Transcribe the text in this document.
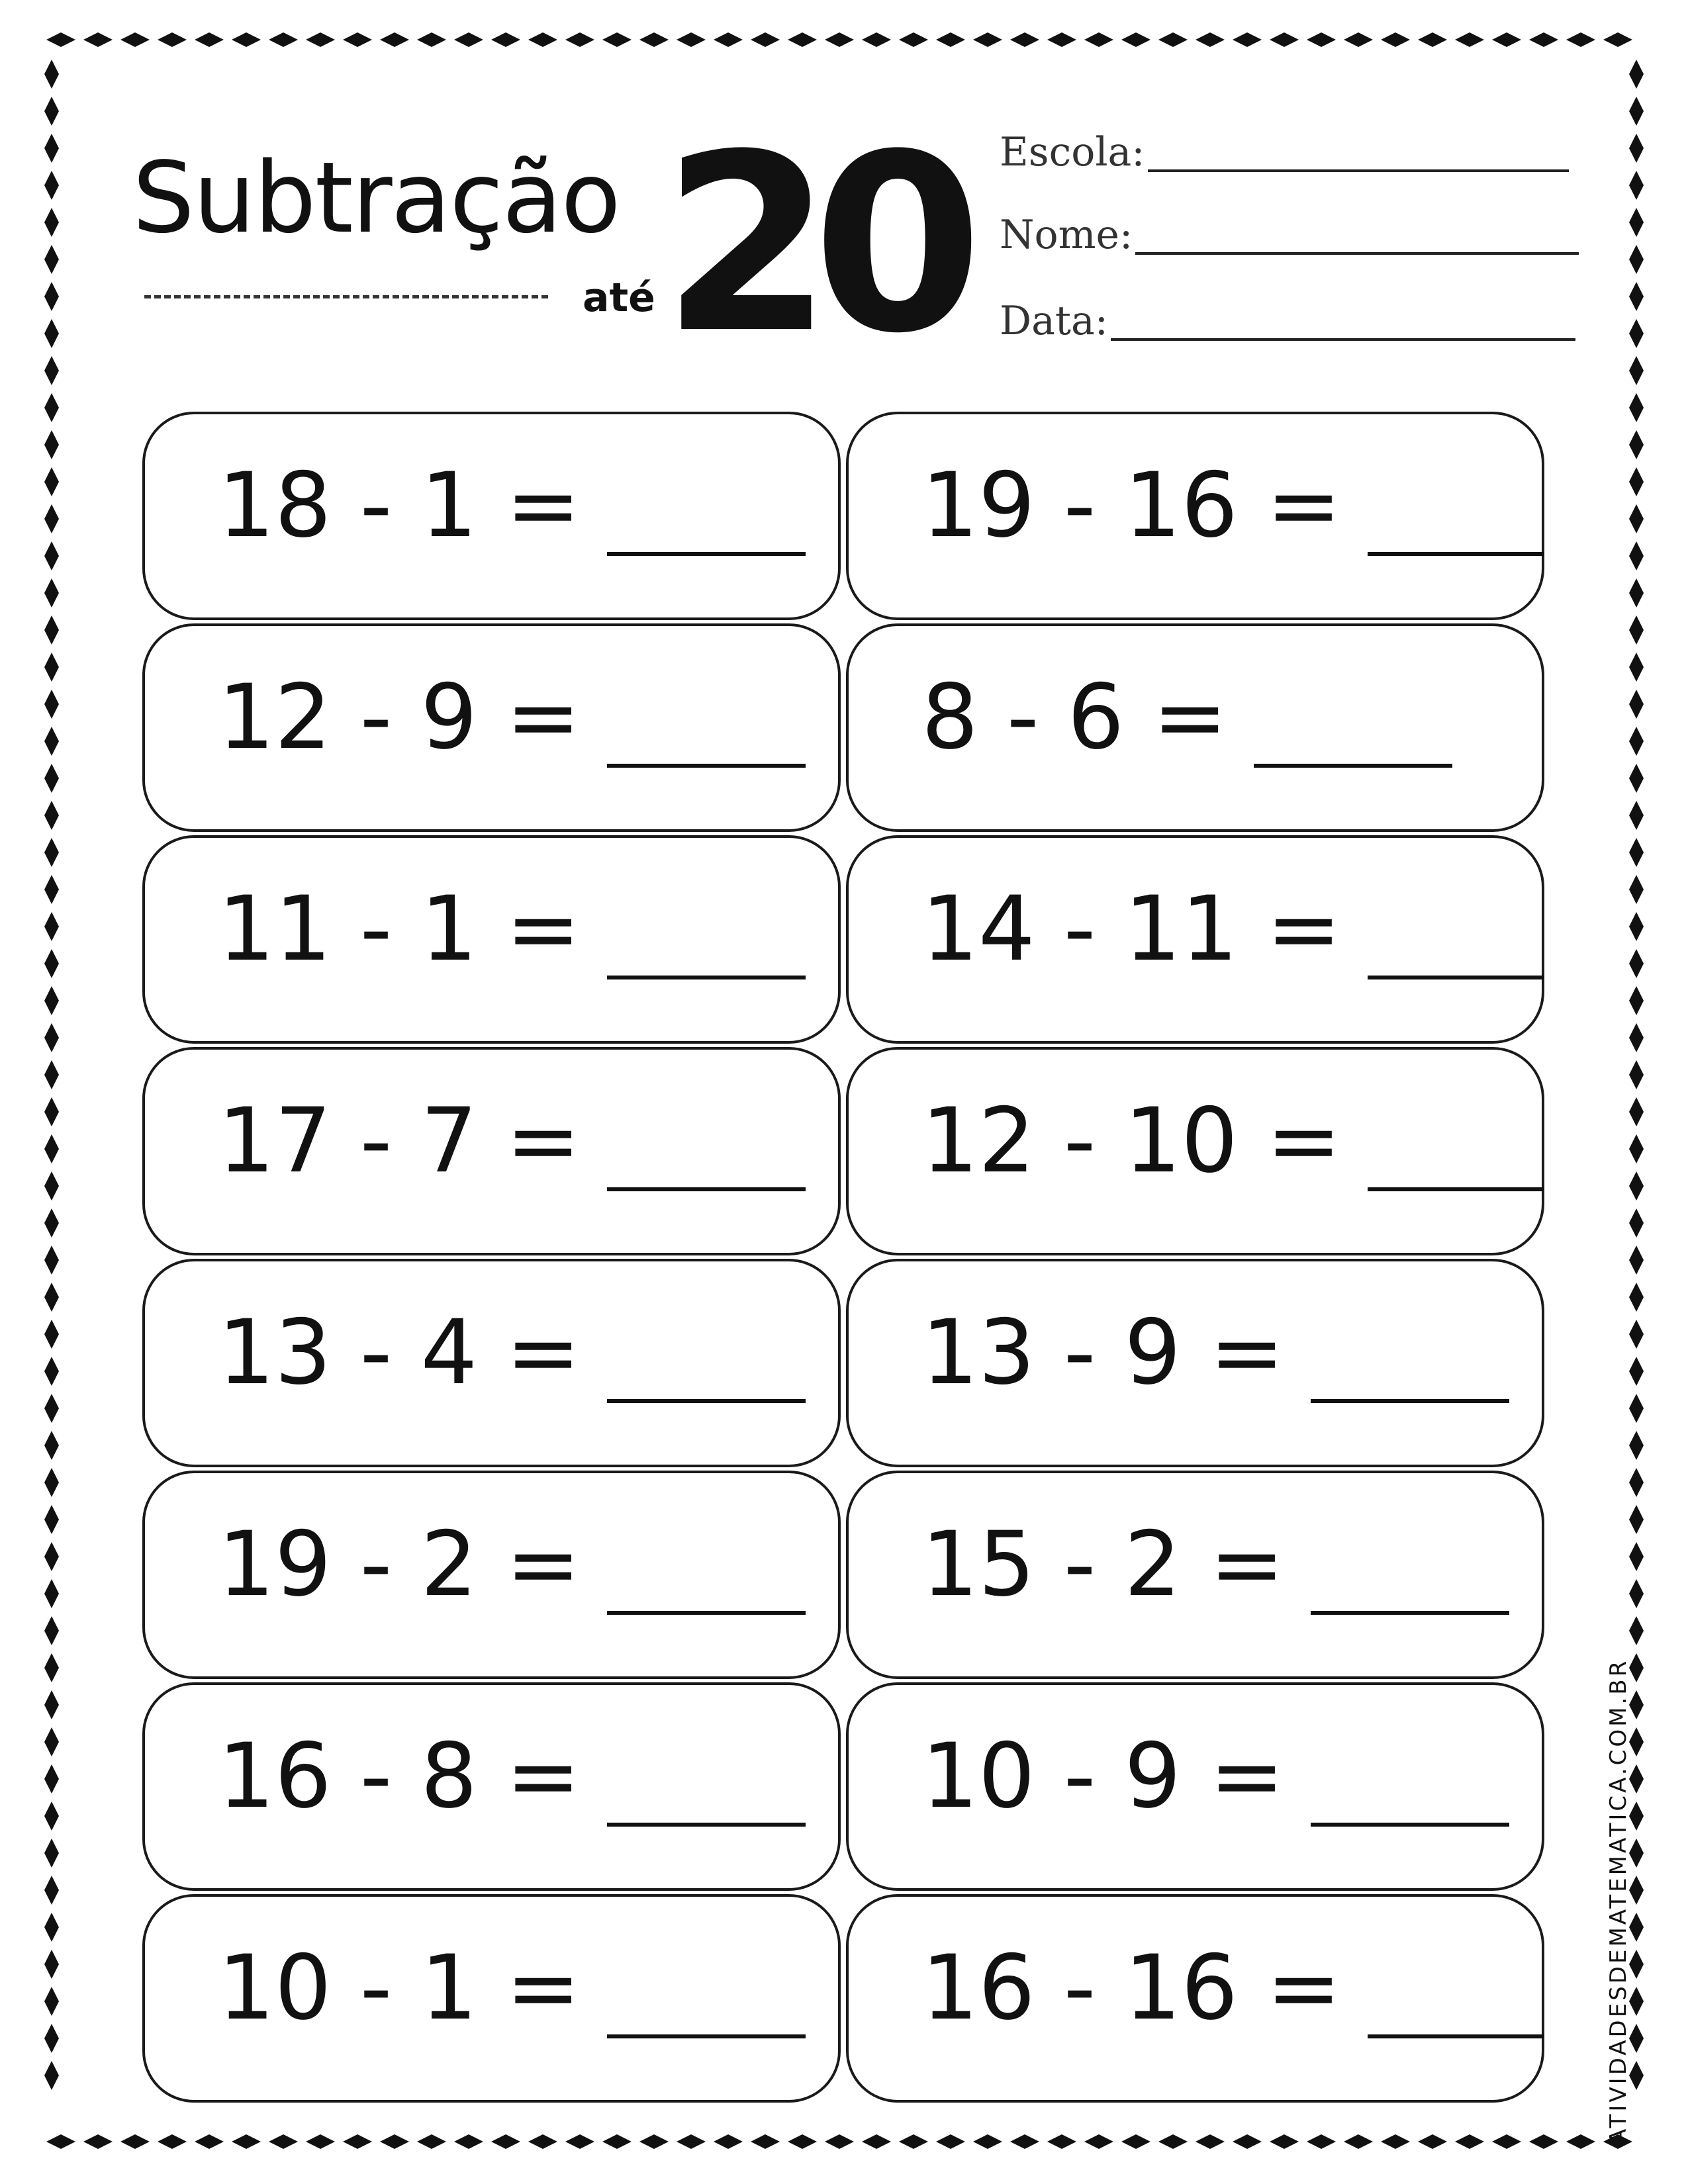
Subtração
até 20 Escola:
Nome:
Data:
18 - 1 =
12 - 9 =
11 - 1 =
17 - 7 =
13 - 4 =
19 - 2 =
16 - 8 =
10 - 1 =
19 - 16 =
8 - 6 =
14 - 11 =
12 - 10 =
13 - 9 =
15 - 2 =
10 - 9 =
16 - 16 =	ATIVIDADESDEMATEMATICA.COM.BR
